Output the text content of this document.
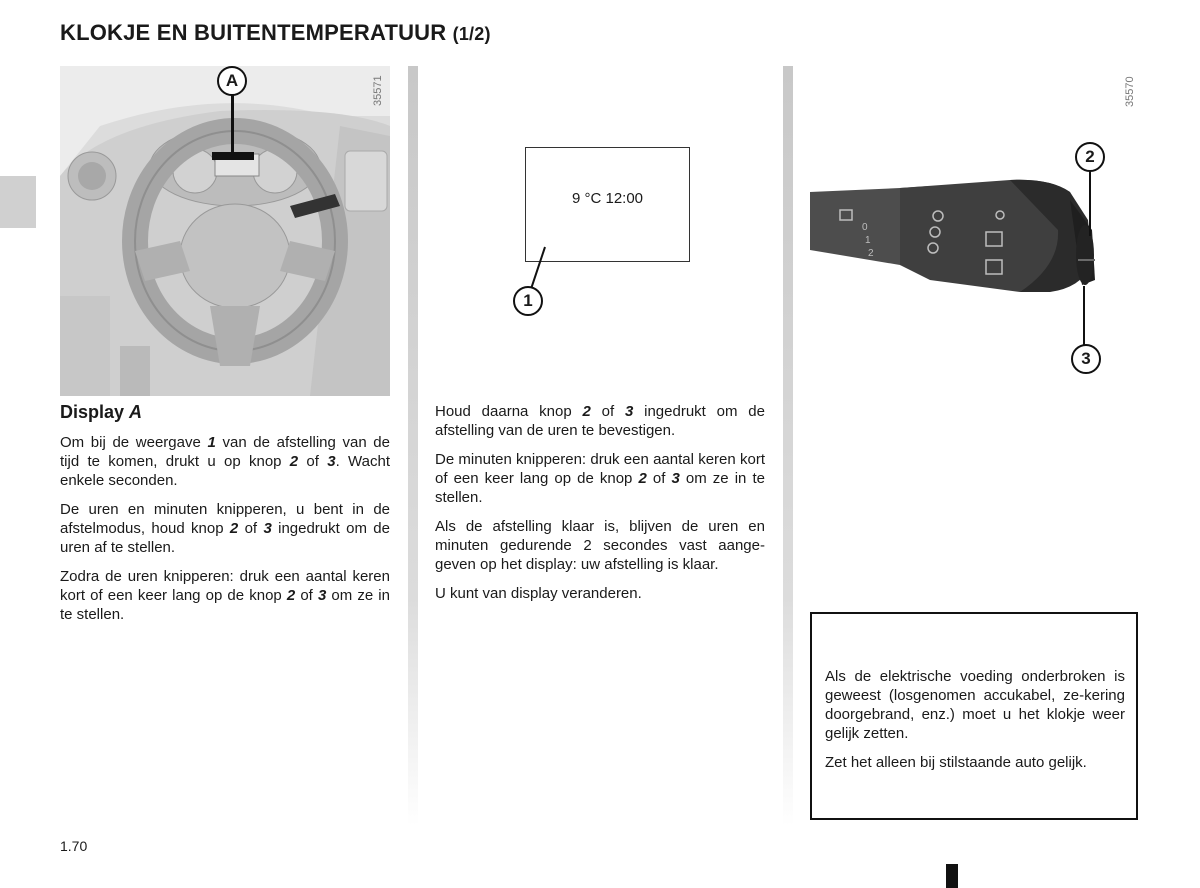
KLOKJE EN BUITENTEMPERATUUR (1/2)
A	35571
9 °C 12:00
1
35570
0
1
2
2
3
Display A

Om bij de weergave 1 van de afstelling van de tijd te komen, drukt u op knop 2 of 3. Wacht enkele seconden.

De uren en minuten knipperen, u bent in de afstelmodus, houd knop 2 of 3 ingedrukt om de uren af te stellen.

Zodra de uren knipperen: druk een aantal keren kort of een keer lang op de knop 2 of 3 om ze in te stellen.

Houd daarna knop 2 of 3 ingedrukt om de afstelling van de uren te bevestigen.

De minuten knipperen: druk een aantal keren kort of een keer lang op de knop 2 of 3 om ze in te stellen.

Als de afstelling klaar is, blijven de uren en minuten gedurende 2 secondes vast aange-geven op het display: uw afstelling is klaar.

U kunt van display veranderen.

Als de elektrische voeding onderbroken is geweest (losgenomen accukabel, ze-kering doorgebrand, enz.) moet u het klokje weer gelijk zetten.

Zet het alleen bij stilstaande auto gelijk.

1.70
